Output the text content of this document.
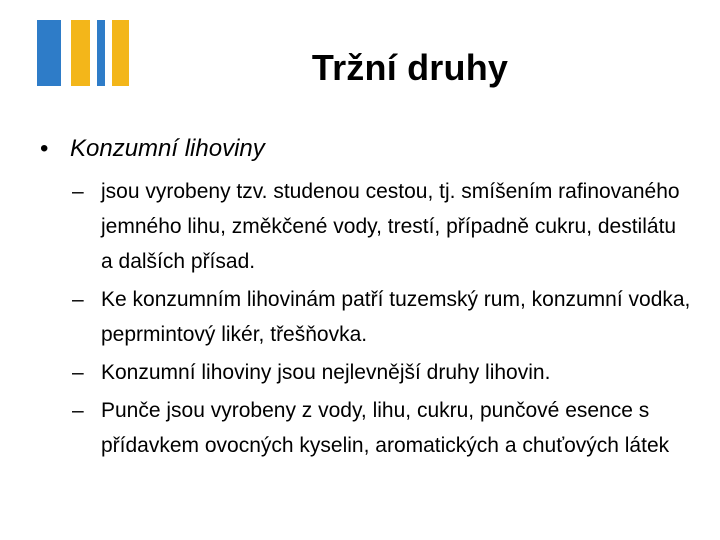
Tržní druhy
• Konzumní lihoviny
– jsou vyrobeny tzv. studenou cestou, tj. smíšením rafinovaného jemného lihu, změkčené vody, trestí, případně cukru, destilátu a dalších přísad.
– Ke konzumním lihovinám patří tuzemský rum, konzumní vodka, peprmintový likér, třešňovka.
– Konzumní lihoviny jsou nejlevnější druhy lihovin.
– Punče jsou vyrobeny z vody, lihu, cukru, punčové esence s přídavkem ovocných kyselin, aromatických a chuťových látek
